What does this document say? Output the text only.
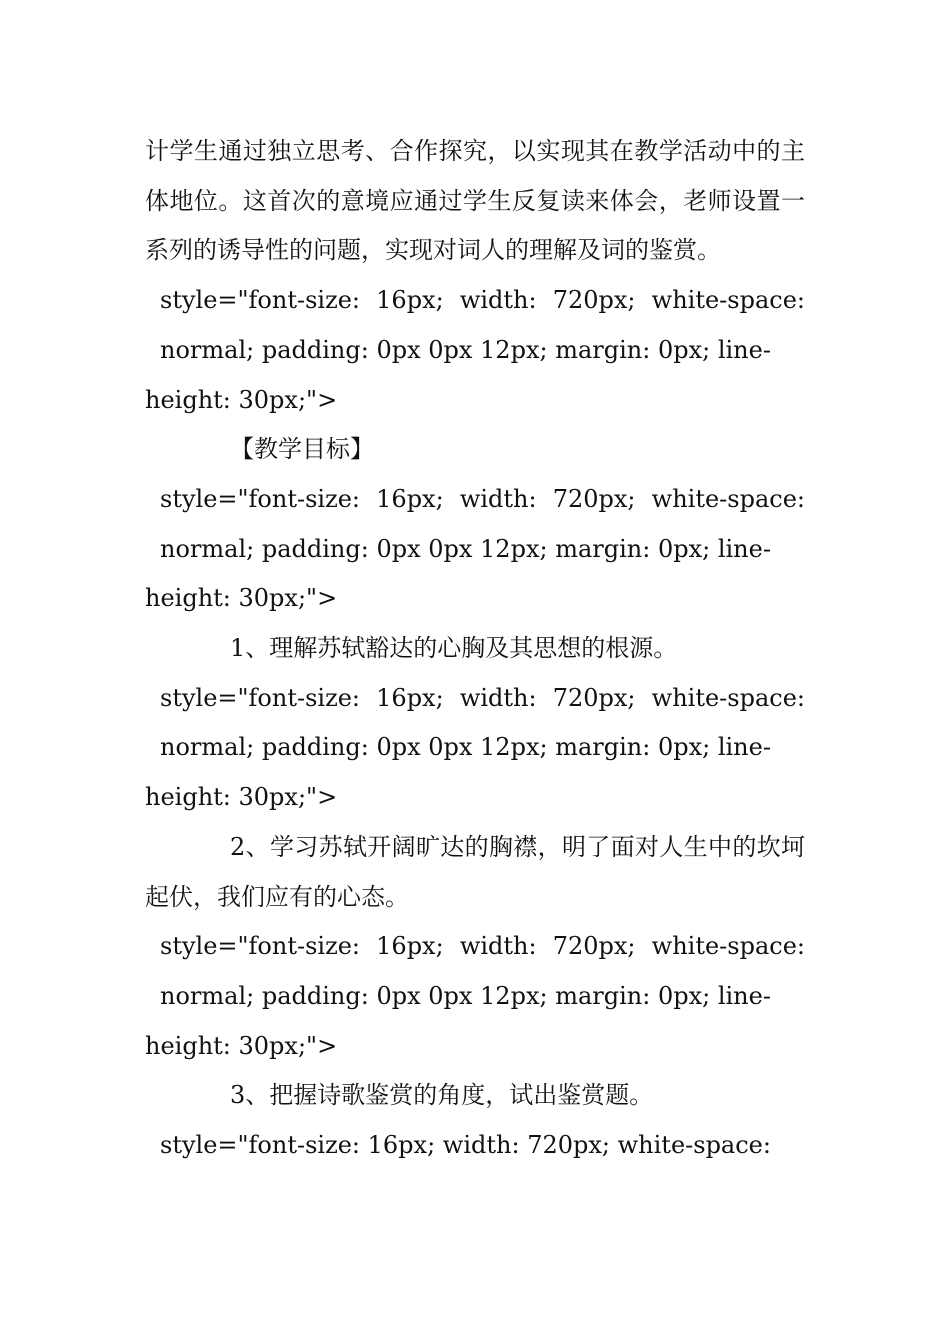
计学生通过独立思考、合作探究，以实现其在教学活动中的主体地位。这首次的意境应通过学生反复读来体会，老师设置一系列的诱导性的问题，实现对词人的理解及词的鉴赏。

style="font-size: 16px; width: 720px; white-space: normal; padding: 0px 0px 12px; margin: 0px; line-
height: 30px;">

【教学目标】

style="font-size: 16px; width: 720px; white-space: normal; padding: 0px 0px 12px; margin: 0px; line-
height: 30px;">

1、理解苏轼豁达的心胸及其思想的根源。

style="font-size: 16px; width: 720px; white-space: normal; padding: 0px 0px 12px; margin: 0px; line-
height: 30px;">

2、学习苏轼开阔旷达的胸襟，明了面对人生中的坎坷起伏，我们应有的心态。

style="font-size: 16px; width: 720px; white-space: normal; padding: 0px 0px 12px; margin: 0px; line-
height: 30px;">

3、把握诗歌鉴赏的角度，试出鉴赏题。

style="font-size: 16px; width: 720px; white-space:
